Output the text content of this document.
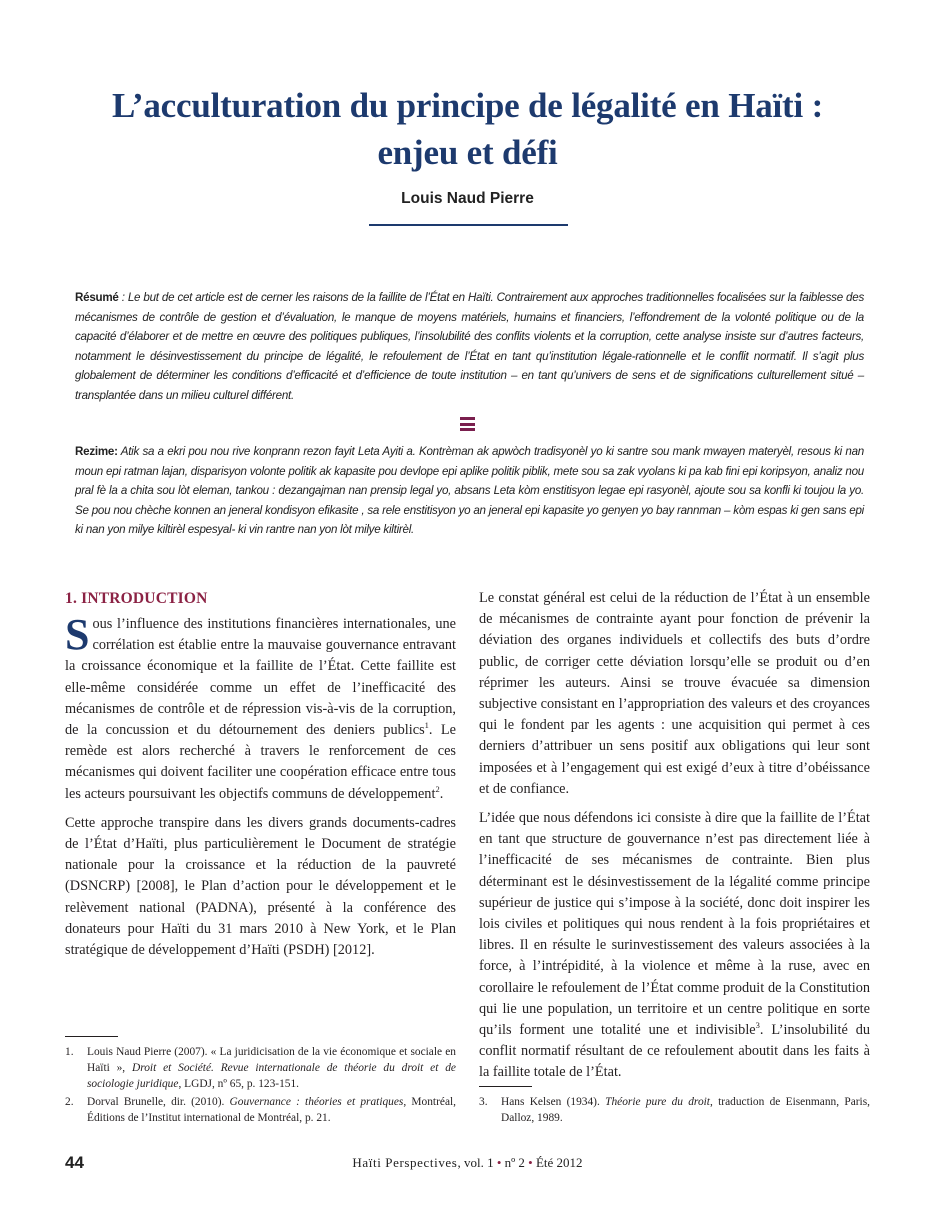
L’acculturation du principe de légalité en Haïti :
enjeu et défi
Louis Naud Pierre
Résumé : Le but de cet article est de cerner les raisons de la faillite de l’État en Haïti. Contrairement aux approches traditionnelles focalisées sur la faiblesse des mécanismes de contrôle de gestion et d’évaluation, le manque de moyens matériels, humains et financiers, l’effondrement de la volonté politique ou de la capacité d’élaborer et de mettre en œuvre des politiques publiques, l’insolubilité des conflits violents et la corruption, cette analyse insiste sur d’autres facteurs, notamment le désinvestissement du principe de légalité, le refoulement de l’État en tant qu’institution légale-rationnelle et le conflit normatif. Il s’agit plus globalement de déterminer les conditions d’efficacité et d’efficience de toute institution – en tant qu’univers de sens et de significations culturellement situé – transplantée dans un milieu culturel différent.
Rezime: Atik sa a ekri pou nou rive konprann rezon fayit Leta Ayiti a. Kontrèman ak apwòch tradisyonèl yo ki santre sou mank mwayen materyèl, resous ki nan moun epi ratman lajan, disparisyon volonte politik ak kapasite pou devlope epi aplike politik piblik, mete sou sa zak vyolans ki pa kab fini epi koripsyon, analiz nou pral fè la a chita sou lòt eleman, tankou : dezangajman nan prensip legal yo, absans Leta kòm enstitisyon legae epi rasyonèl, ajoute sou sa konfli ki toujou la yo. Se pou nou chèche konnen an jeneral kondisyon efikasite , sa rele enstitisyon yo an jeneral epi kapasite yo genyen yo bay rannman – kòm espas ki gen sans epi ki nan yon milye kiltirèl espesyal- ki vin rantre nan yon lòt milye kiltirèl.
1. INTRODUCTION

Sous l’influence des institutions financières internationales, une corrélation est établie entre la mauvaise gouvernance entravant la croissance économique et la faillite de l’État. Cette faillite est elle-même considérée comme un effet de l’inefficacité des mécanismes de contrôle et de répression vis-à-vis de la corruption, de la concussion et du détournement des deniers publics$^1$. Le remède est alors recherché à travers le renforcement de ces mécanismes qui doivent faciliter une coopération efficace entre tous les acteurs poursuivant les objectifs communs de développement$^2$.

Cette approche transpire dans les divers grands documents-cadres de l’État d’Haïti, plus particulièrement le Document de stratégie nationale pour la croissance et la réduction de la pauvreté (DSNCRP) [2008], le Plan d’action pour le développement et le relèvement national (PADNA), présenté à la conférence des donateurs pour Haïti du 31 mars 2010 à New York, et le Plan stratégique de développement d’Haïti (PSDH) [2012].

Le constat général est celui de la réduction de l’État à un ensemble de mécanismes de contrainte ayant pour fonction de prévenir la déviation des organes individuels et collectifs des buts d’ordre public, de corriger cette déviation lorsqu’elle se produit ou d’en réprimer les auteurs. Ainsi se trouve évacuée sa dimension subjective consistant en l’appropriation des valeurs et des croyances qui le fondent par les agents : une acquisition qui permet à ces derniers d’attribuer un sens positif aux obligations qui leur sont imposées et à l’engagement qui est exigé d’eux à titre d’obéissance et de confiance.

L’idée que nous défendons ici consiste à dire que la faillite de l’État en tant que structure de gouvernance n’est pas directement liée à l’inefficacité de ses mécanismes de contrainte. Bien plus déterminant est le désinvestissement de la légalité comme principe supérieur de justice qui s’impose à la société, donc doit inspirer les lois civiles et politiques qui nous rendent à la fois propriétaires et libres. Il en résulte le surinvestissement des valeurs associées à la force, à l’intrépidité, à la violence et même à la ruse, avec en corollaire le refoulement de l’État comme produit de la Constitution qui lie une population, un territoire et un centre politique en sorte qu’ils forment une totalité une et indivisible$^3$. L’insolubilité du conflit normatif résultant de ce refoulement aboutit dans les faits à la faillite totale de l’État.

1.	Louis Naud Pierre (2007). « La juridicisation de la vie économique et sociale en Haïti », Droit et Société. Revue internationale de théorie du droit et de sociologie juridique, LGDJ, nº 65, p. 123-151.
2.	Dorval Brunelle, dir. (2010). Gouvernance : théories et pratiques, Montréal, Éditions de l’Institut international de Montréal, p. 21.
3.	Hans Kelsen (1934). Théorie pure du droit, traduction de Eisenmann, Paris, Dalloz, 1989.
44	Haïti Perspectives, vol. 1 • nº 2 • Été 2012
